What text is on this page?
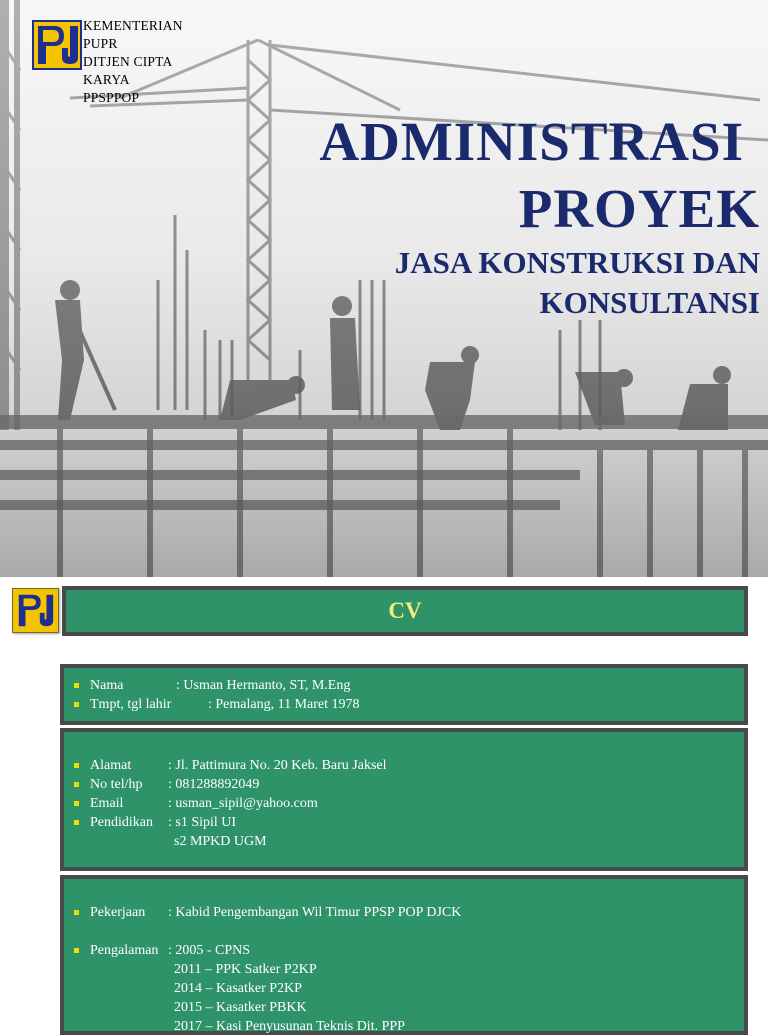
KEMENTERIAN
PUPR
DITJEN CIPTA
KARYA
PPSPPOP
ADMINISTRASI
PROYEK
JASA KONSTRUKSI DAN
KONSULTANSI
CV
Nama	: Usman Hermanto, ST, M.Eng
Tmpt, tgl lahir	: Pemalang, 11 Maret 1978
Alamat	: Jl. Pattimura No. 20 Keb. Baru Jaksel
No tel/hp : 081288892049
Email	: usman_sipil@yahoo.com
Pendidikan : s1 Sipil UI
s2 MPKD UGM
Pekerjaan : Kabid Pengembangan Wil Timur PPSP POP DJCK
Pengalaman : 2005 - CPNS
2011 – PPK Satker P2KP
2014 – Kasatker P2KP
2015 – Kasatker PBKK
2017 – Kasi Penyusunan Teknis Dit. PPP
